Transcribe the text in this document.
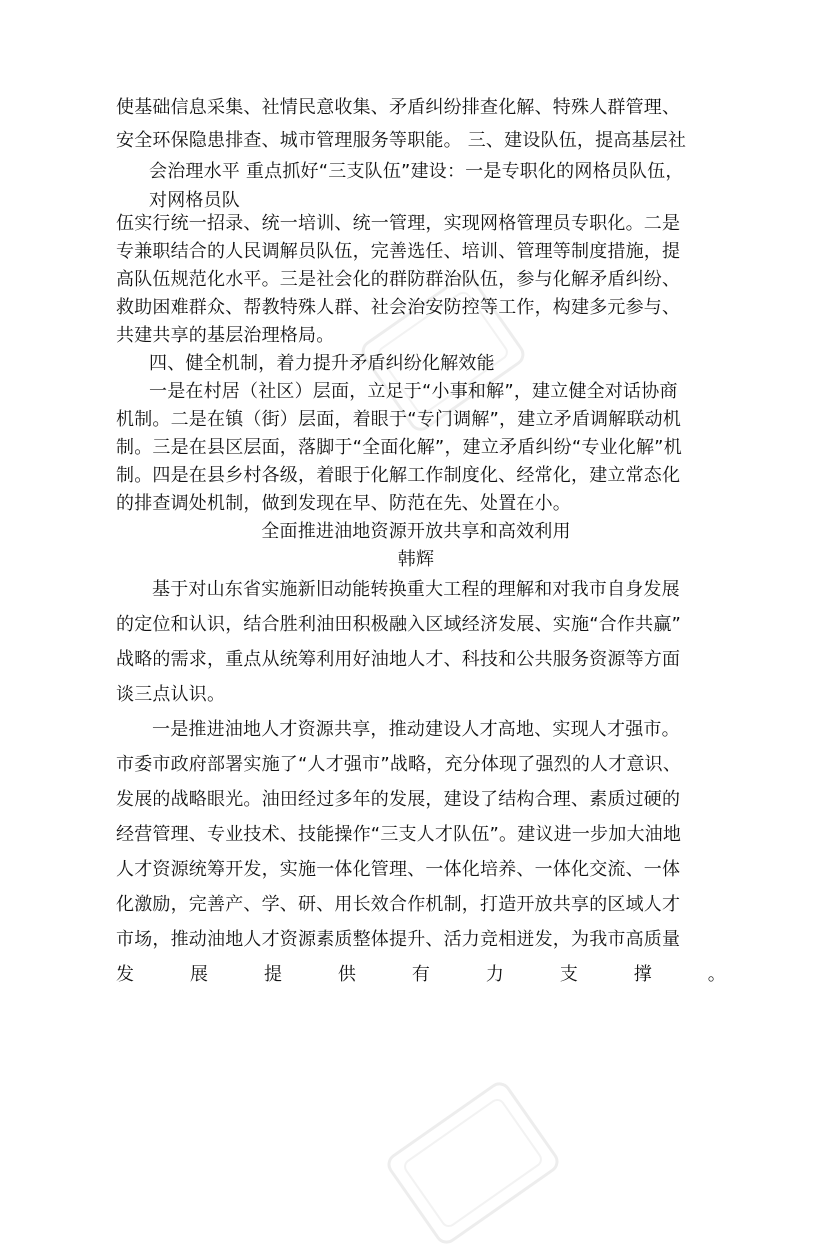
使基础信息采集、社情民意收集、矛盾纠纷排查化解、特殊人群管理、
安全环保隐患排查、城市管理服务等职能。 三、建设队伍，提高基层社
会治理水平 重点抓好“三支队伍”建设：一是专职化的网格员队伍，
对网格员队
伍实行统一招录、统一培训、统一管理，实现网格管理员专职化。二是
专兼职结合的人民调解员队伍，完善选任、培训、管理等制度措施，提
高队伍规范化水平。三是社会化的群防群治队伍，参与化解矛盾纠纷、
救助困难群众、帮教特殊人群、社会治安防控等工作，构建多元参与、
共建共享的基层治理格局。
四、健全机制，着力提升矛盾纠纷化解效能
一是在村居（社区）层面，立足于“小事和解”，建立健全对话协商
机制。二是在镇（街）层面，着眼于“专门调解”，建立矛盾调解联动机
制。三是在县区层面，落脚于“全面化解”，建立矛盾纠纷“专业化解”机
制。四是在县乡村各级，着眼于化解工作制度化、经常化，建立常态化
的排查调处机制，做到发现在早、防范在先、处置在小。
全面推进油地资源开放共享和高效利用
韩辉
基于对山东省实施新旧动能转换重大工程的理解和对我市自身发展
的定位和认识，结合胜利油田积极融入区域经济发展、实施“合作共赢”
战略的需求，重点从统筹利用好油地人才、科技和公共服务资源等方面
谈三点认识。
一是推进油地人才资源共享，推动建设人才高地、实现人才强市。
市委市政府部署实施了“人才强市”战略，充分体现了强烈的人才意识、
发展的战略眼光。油田经过多年的发展，建设了结构合理、素质过硬的
经营管理、专业技术、技能操作“三支人才队伍”。建议进一步加大油地
人才资源统筹开发，实施一体化管理、一体化培养、一体化交流、一体
化激励，完善产、学、研、用长效合作机制，打造开放共享的区域人才
市场，推动油地人才资源素质整体提升、活力竞相迸发，为我市高质量
发	展	提	供	有	力	支	撑	。
